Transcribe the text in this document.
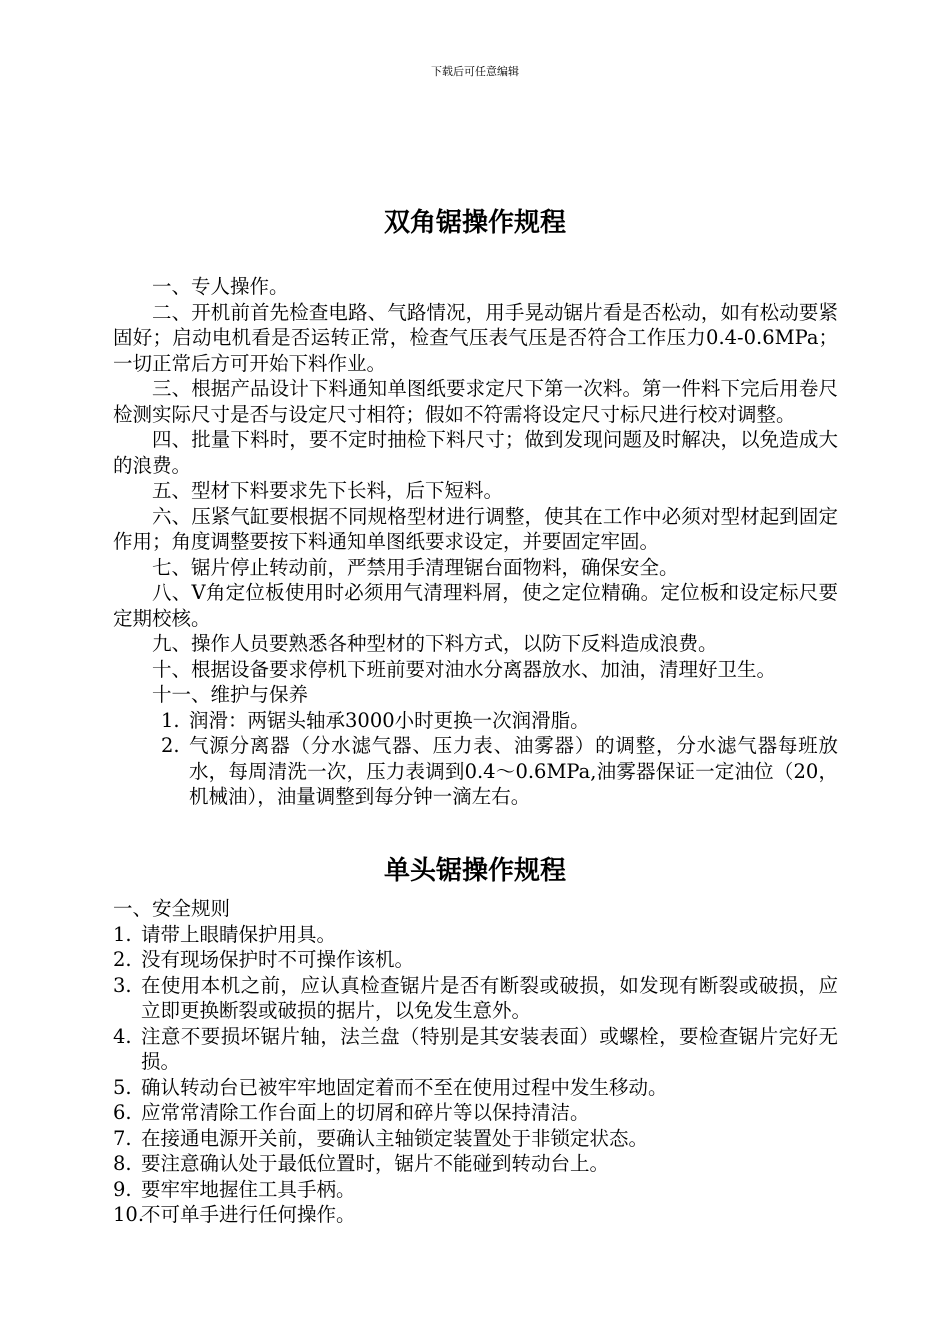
下载后可任意编辑
双角锯操作规程

一、专人操作。

二、开机前首先检查电路、气路情况，用手晃动锯片看是否松动，如有松动要紧固好；启动电机看是否运转正常，检查气压表气压是否符合工作压力0.4-0.6MPa；一切正常后方可开始下料作业。

三、根据产品设计下料通知单图纸要求定尺下第一次料。第一件料下完后用卷尺检测实际尺寸是否与设定尺寸相符；假如不符需将设定尺寸标尺进行校对调整。

四、批量下料时，要不定时抽检下料尺寸；做到发现问题及时解决，以免造成大的浪费。

五、型材下料要求先下长料，后下短料。

六、压紧气缸要根据不同规格型材进行调整，使其在工作中必须对型材起到固定作用；角度调整要按下料通知单图纸要求设定，并要固定牢固。

七、锯片停止转动前，严禁用手清理锯台面物料，确保安全。

八、V角定位板使用时必须用气清理料屑，使之定位精确。定位板和设定标尺要定期校核。

九、操作人员要熟悉各种型材的下料方式，以防下反料造成浪费。

十、根据设备要求停机下班前要对油水分离器放水、加油，清理好卫生。

十一、维护与保养

1. 润滑：两锯头轴承3000小时更换一次润滑脂。
2. 气源分离器（分水滤气器、压力表、油雾器）的调整，分水滤气器每班放水，每周清洗一次，压力表调到0.4～0.6MPa,油雾器保证一定油位（20，机械油），油量调整到每分钟一滴左右。
单头锯操作规程

一、安全规则

1. 请带上眼睛保护用具。
2. 没有现场保护时不可操作该机。
3. 在使用本机之前，应认真检查锯片是否有断裂或破损，如发现有断裂或破损，应立即更换断裂或破损的据片，以免发生意外。
4. 注意不要损坏锯片轴，法兰盘（特别是其安装表面）或螺栓，要检查锯片完好无损。
5. 确认转动台已被牢牢地固定着而不至在使用过程中发生移动。
6. 应常常清除工作台面上的切屑和碎片等以保持清洁。
7. 在接通电源开关前，要确认主轴锁定装置处于非锁定状态。
8. 要注意确认处于最低位置时，锯片不能碰到转动台上。
9. 要牢牢地握住工具手柄。
10.
不可单手进行任何操作。
